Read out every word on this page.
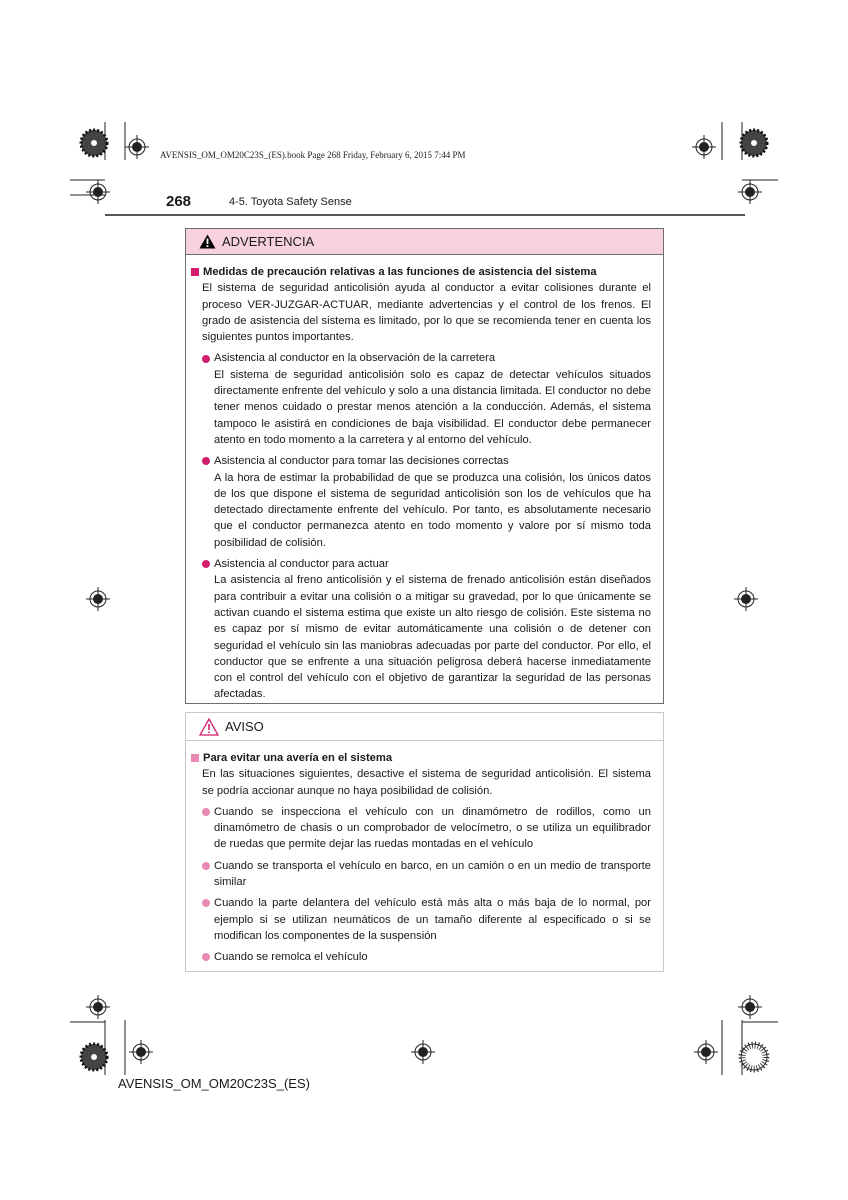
AVENSIS_OM_OM20C23S_(ES).book Page 268 Friday, February 6, 2015 7:44 PM
268	4-5. Toyota Safety Sense
ADVERTENCIA
Medidas de precaución relativas a las funciones de asistencia del sistema

El sistema de seguridad anticolisión ayuda al conductor a evitar colisiones durante el proceso VER-JUZGAR-ACTUAR, mediante advertencias y el control de los frenos. El grado de asistencia del sistema es limitado, por lo que se recomienda tener en cuenta los siguientes puntos importantes.

Asistencia al conductor en la observación de la carretera

El sistema de seguridad anticolisión solo es capaz de detectar vehículos situados directamente enfrente del vehículo y solo a una distancia limitada. El conductor no debe tener menos cuidado o prestar menos atención a la conducción. Además, el sistema tampoco le asistirá en condiciones de baja visibilidad. El conductor debe permanecer atento en todo momento a la carretera y al entorno del vehículo.

Asistencia al conductor para tomar las decisiones correctas

A la hora de estimar la probabilidad de que se produzca una colisión, los únicos datos de los que dispone el sistema de seguridad anticolisión son los de vehículos que ha detectado directamente enfrente del vehículo. Por tanto, es absolutamente necesario que el conductor permanezca atento en todo momento y valore por sí mismo toda posibilidad de colisión.

Asistencia al conductor para actuar

La asistencia al freno anticolisión y el sistema de frenado anticolisión están diseñados para contribuir a evitar una colisión o a mitigar su gravedad, por lo que únicamente se activan cuando el sistema estima que existe un alto riesgo de colisión. Este sistema no es capaz por sí mismo de evitar automáticamente una colisión o de detener con seguridad el vehículo sin las maniobras adecuadas por parte del conductor. Por ello, el conductor que se enfrente a una situación peligrosa deberá hacerse inmediatamente con el control del vehículo con el objetivo de garantizar la seguridad de las personas afectadas.

AVISO
Para evitar una avería en el sistema

En las situaciones siguientes, desactive el sistema de seguridad anticolisión. El sistema se podría accionar aunque no haya posibilidad de colisión.

Cuando se inspecciona el vehículo con un dinamómetro de rodillos, como un dinamómetro de chasis o un comprobador de velocímetro, o se utiliza un equilibrador de ruedas que permite dejar las ruedas montadas en el vehículo
Cuando se transporta el vehículo en barco, en un camión o en un medio de transporte similar
Cuando la parte delantera del vehículo está más alta o más baja de lo normal, por ejemplo si se utilizan neumáticos de un tamaño diferente al especificado o si se modifican los componentes de la suspensión
Cuando se remolca el vehículo
AVENSIS_OM_OM20C23S_(ES)
